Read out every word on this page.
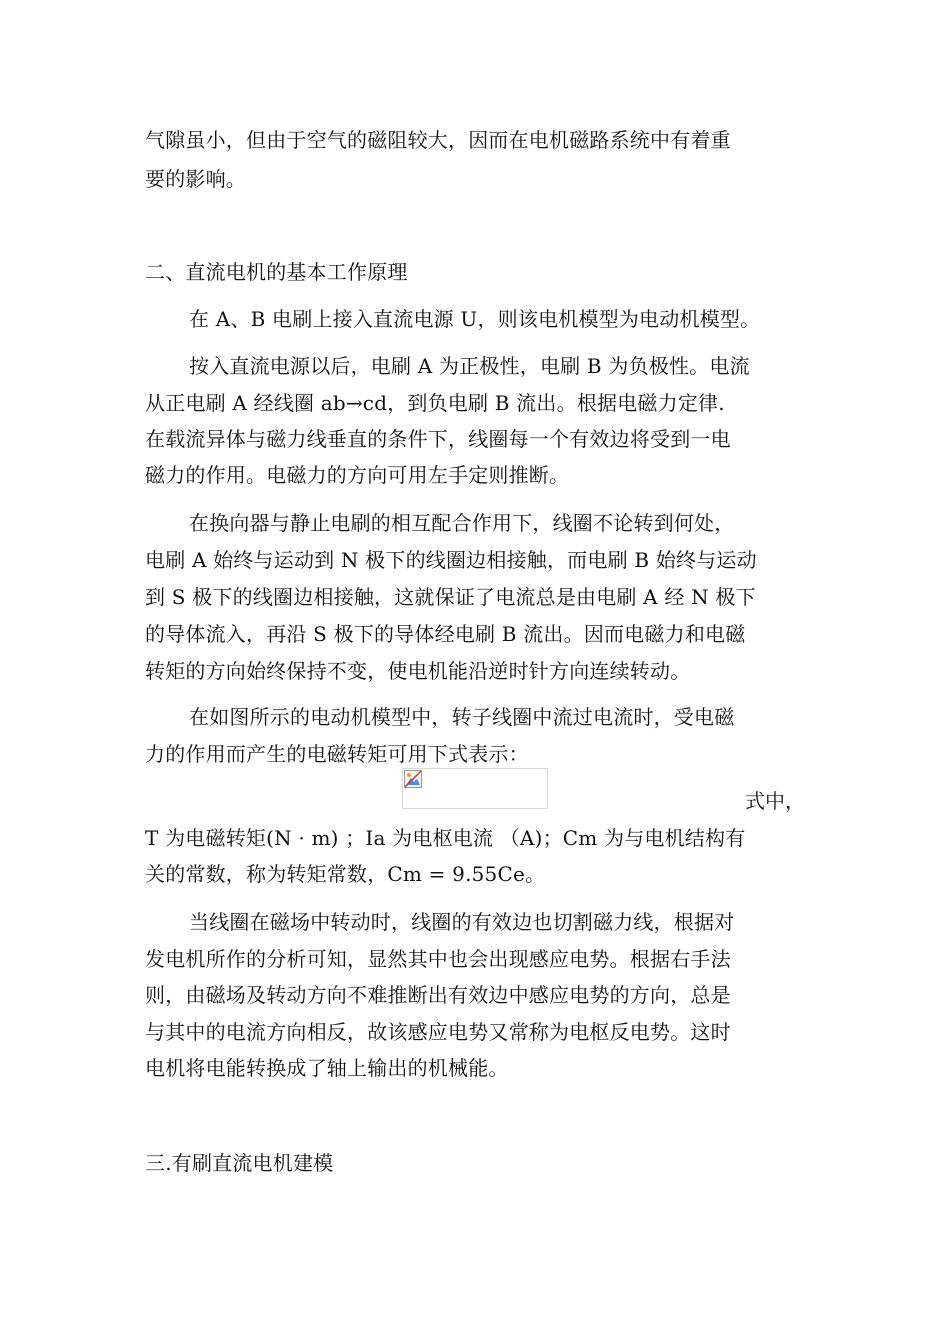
气隙虽小，但由于空气的磁阻较大，因而在电机磁路系统中有着重
要的影响。
二、直流电机的基本工作原理
在 A、B 电刷上接入直流电源 U，则该电机模型为电动机模型。
按入直流电源以后，电刷 A 为正极性，电刷 B 为负极性。电流
从正电刷 A 经线圈 ab→cd，到负电刷 B 流出。根据电磁力定律.
在载流异体与磁力线垂直的条件下，线圈每一个有效边将受到一电
磁力的作用。电磁力的方向可用左手定则推断。
在换向器与静止电刷的相互配合作用下，线圈不论转到何处，
电刷 A 始终与运动到 N 极下的线圈边相接触，而电刷 B 始终与运动
到 S 极下的线圈边相接触，这就保证了电流总是由电刷 A 经 N 极下
的导体流入，再沿 S 极下的导体经电刷 B 流出。因而电磁力和电磁
转矩的方向始终保持不变，使电机能沿逆时针方向连续转动。
在如图所示的电动机模型中，转子线圈中流过电流时，受电磁
力的作用而产生的电磁转矩可用下式表示：
式中，
T 为电磁转矩(N · m) ；Ia 为电枢电流 （A)；Cm 为与电机结构有
关的常数，称为转矩常数，Cm = 9.55Ce。
当线圈在磁场中转动时，线圈的有效边也切割磁力线，根据对
发电机所作的分析可知，显然其中也会出现感应电势。根据右手法
则，由磁场及转动方向不难推断出有效边中感应电势的方向，总是
与其中的电流方向相反，故该感应电势又常称为电枢反电势。这时
电机将电能转换成了轴上输出的机械能。
三.有刷直流电机建模
